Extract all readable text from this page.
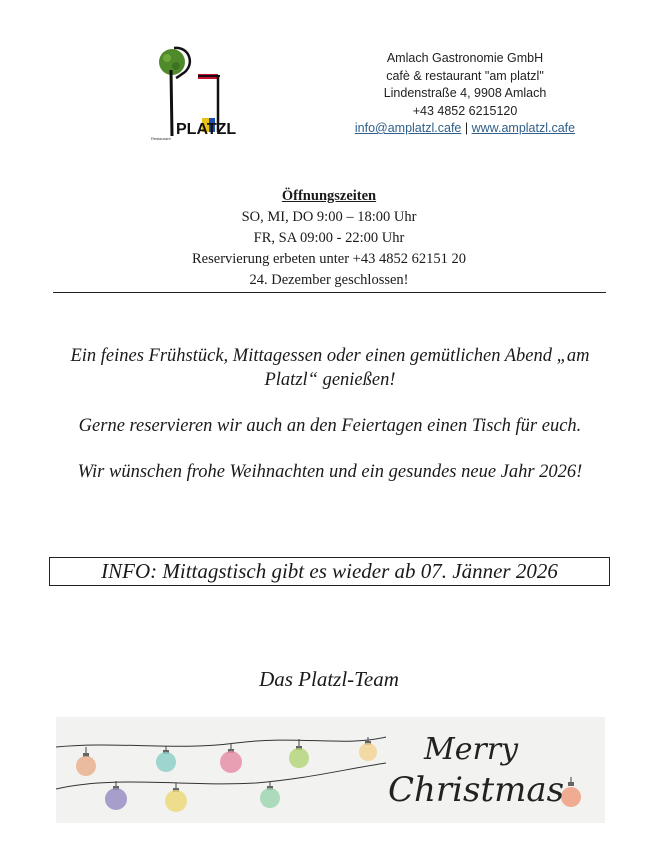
PLATZL
Restaurant
Amlach Gastronomie GmbH
cafè & restaurant "am platzl"
Lindenstraße 4, 9908 Amlach
+43 4852 6215120
info@amplatzl.cafe | www.amplatzl.cafe
Öffnungszeiten
SO, MI, DO 9:00 – 18:00 Uhr
FR, SA 09:00 - 22:00 Uhr
Reservierung erbeten unter +43 4852 62151 20
24. Dezember geschlossen!

Ein feines Frühstück, Mittagessen oder einen gemütlichen Abend „am Platzl“ genießen!

Gerne reservieren wir auch an den Feiertagen einen Tisch für euch.

Wir wünschen frohe Weihnachten und ein gesundes neue Jahr 2026!

INFO: Mittagstisch gibt es wieder ab 07. Jänner 2026
Das Platzl-Team
Merry
Christmas
